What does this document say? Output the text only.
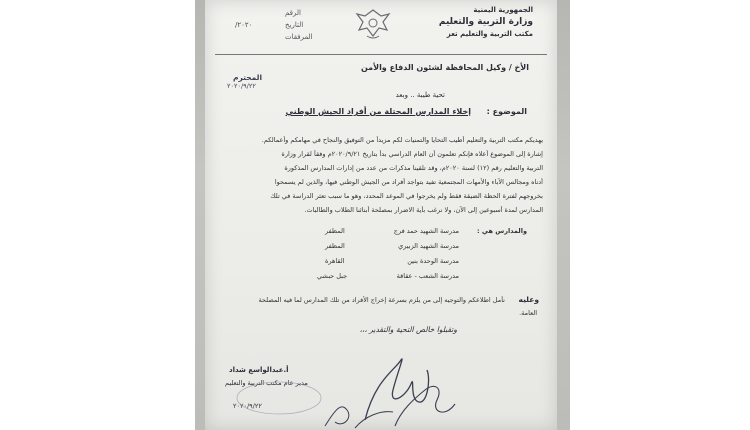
الجمهورية اليمنية
وزارة التربية والتعليم
مكتب التربية والتعليم تعز
الرقم
التاريخ
المرفقات
٢٠٢٠/
الأخ / وكيل المحافظة لشئون الدفاع والأمن
المحترم
٢٠٢٠/٩/٢٢
تحية طيبة .. وبعد
الموضوع :
إخلاء المدارس المحتلة من أفراد الجيش الوطني
يهديكم مكتب التربية والتعليم أطيب التحايا والتمنيات لكم مزيداً من التوفيق والنجاح في مهامكم وأعمالكم.
إشارة إلى الموضوع أعلاه فإنكم تعلمون أن العام الدراسي بدأ بتاريخ ٢٠٢٠/٩/٢١م وفقاً لقرار وزارة
التربية والتعليم رقم (١٢) لسنة ٢٠٢٠م، وقد تلقينا مذكرات من عدد من إدارات المدارس المذكورة
أدناه ومجالس الآباء والأمهات المجتمعية تفيد بتواجد أفراد من الجيش الوطني فيها، والذين لم يسمحوا
بخروجهم لفترة الحظة الضيقة فقط ولم يخرجوا في الموعد المحدد، وهو ما سبب تعثر الدراسة في تلك
المدارس لمدة أسبوعين إلى الآن، ولا نرغب بأية الاضرار بمصلحة أبنائنا الطلاب والطالبات.
والمدارس هي :
مدرسة الشهيد حمد فرج
المظفر
مدرسة الشهيد الزبيري
المظفر
مدرسة الوحدة بنين
القاهرة
مدرسة الشعب - عقاقة
جبل حبشي
وعليه
نأمل اطلاعكم والتوجيه إلى من يلزم بسرعة إخراج الأفراد من تلك المدارس لما فيه المصلحة
العامة.
وتقبلوا خالص التحية والتقدير ،،،
أ.عبدالواسع شداد
مدير عام مكتب التربية والتعليم
٢٠٢٠/٩/٢٢
